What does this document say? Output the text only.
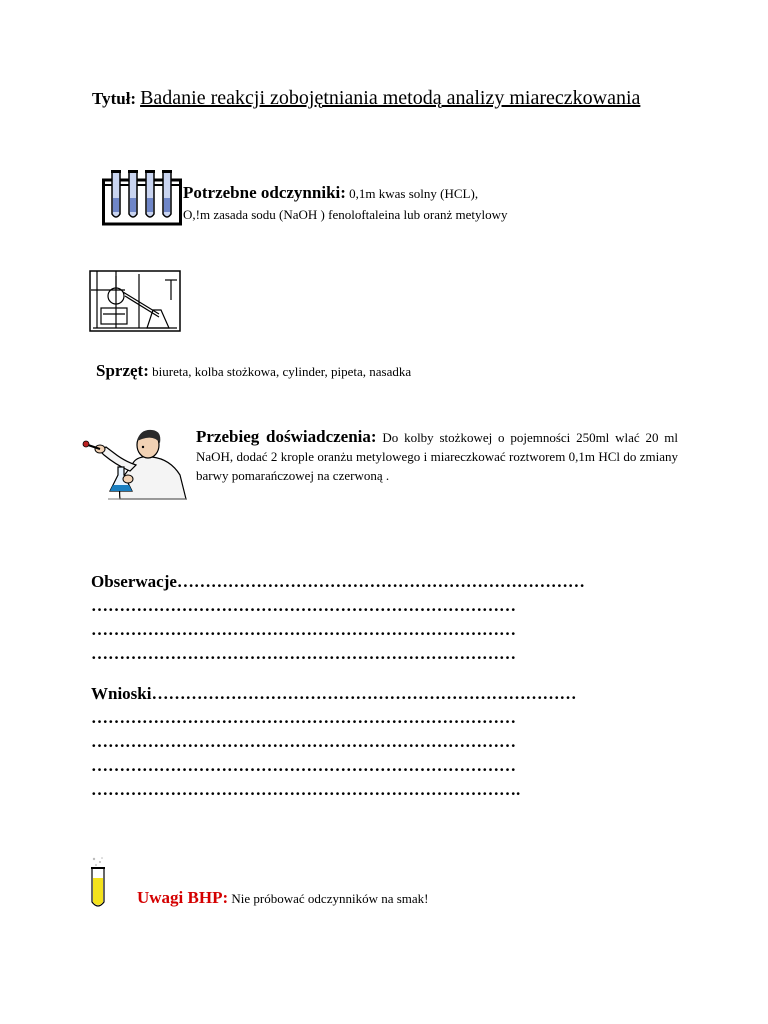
Tytuł: Badanie reakcji zobojętniania metodą analizy miareczkowania
Potrzebne odczynniki: 0,1m kwas solny (HCL),
O,!m zasada sodu (NaOH ) fenoloftaleina lub oranż metylowy
Sprzęt: biureta, kolba stożkowa, cylinder, pipeta, nasadka
Przebieg doświadczenia: Do kolby stożkowej o pojemności 250ml wlać 20 ml NaOH, dodać 2 krople oranżu metylowego i miareczkować roztworem 0,1m HCl do zmiany barwy pomarańczowej na czerwoną .
Obserwacje………………………………………………………………
…………………………………………………………………
…………………………………………………………………
…………………………………………………………………
Wnioski…………………………………………………………………
…………………………………………………………………
…………………………………………………………………
…………………………………………………………………
………………………………………………………………….
Uwagi BHP: Nie próbować odczynników na smak!
